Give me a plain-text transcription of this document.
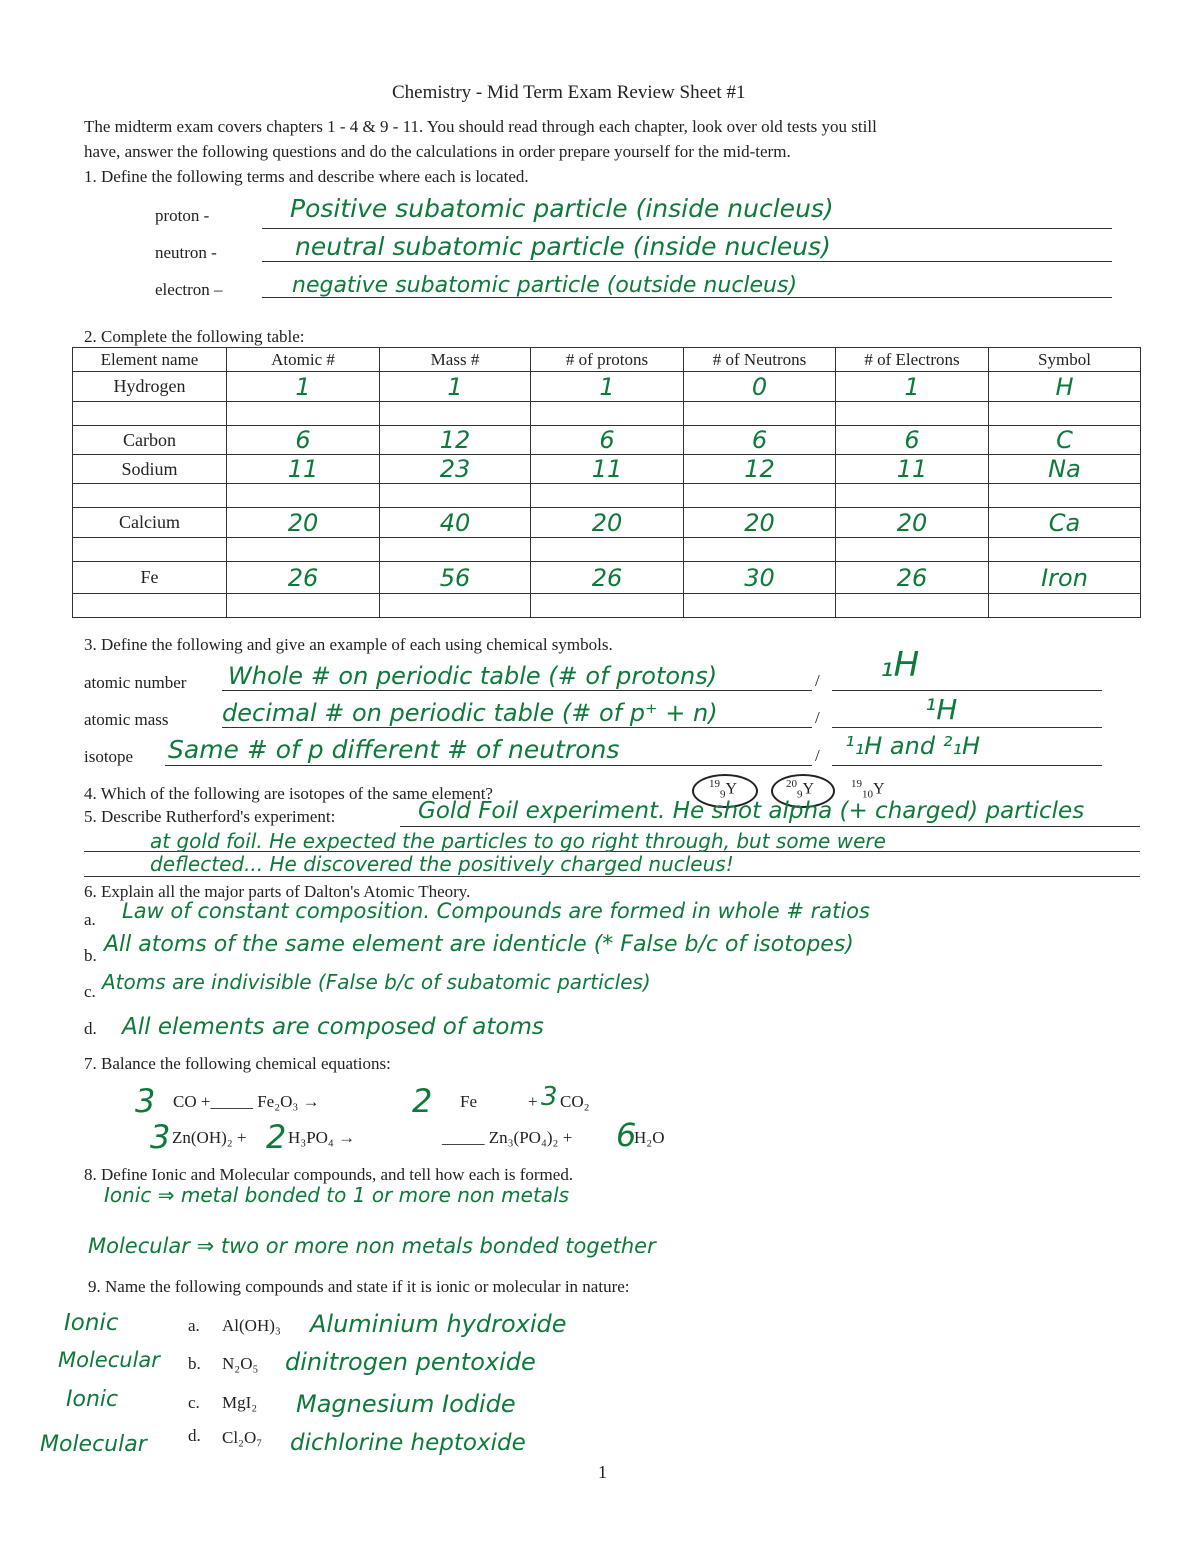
Chemistry - Mid Term Exam Review Sheet #1
The midterm exam covers chapters 1 - 4 & 9 - 11. You should read through each chapter, look over old tests you still
have, answer the following questions and do the calculations in order prepare yourself for the mid-term.
1. Define the following terms and describe where each is located.
proton -	Positive subatomic particle (inside nucleus)
neutron -	neutral subatomic particle (inside nucleus)
electron –	negative subatomic particle (outside nucleus)
2. Complete the following table:
Element name	Atomic #	Mass #	# of protons	# of Neutrons	# of Electrons	Symbol
Hydrogen	1	1	1	0	1	H

Carbon	6	12	6	6	6	C
Sodium	11	23	11	12	11	Na

Calcium	20	40	20	20	20	Ca

Fe	26	56	26	30	26	Iron

3. Define the following and give an example of each using chemical symbols.
atomic number Whole # on periodic table (# of protons)	/ ₁H
atomic mass decimal # on periodic table (# of p⁺ + n)	/	¹H
isotope Same # of p different # of neutrons	/ ¹₁H and ²₁H
4. Which of the following are isotopes of the same element?	$^{19}_9$Y	$^{20}_9$Y	$^{19}_{10}$Y
5. Describe Rutherford's experiment:	Gold Foil experiment. He shot alpha (+ charged) particles
at gold foil. He expected the particles to go right through, but some were
deflected... He discovered the positively charged nucleus!
6. Explain all the major parts of Dalton's Atomic Theory.
a. Law of constant composition. Compounds are formed in whole # ratios
b. All atoms of the same element are identicle (* False b/c of isotopes)
c. Atoms are indivisible (False b/c of subatomic particles)
d. All elements are composed of atoms
7. Balance the following chemical equations:
3 CO +_____ Fe₂O₃ →	2 Fe	+ 3 CO₂
3 Zn(OH)₂ + 2 H₃PO₄ →	_____ Zn₃(PO₄)₂ + 6
H₂O
8. Define Ionic and Molecular compounds, and tell how each is formed.
Ionic ⇒ metal bonded to 1 or more non metals
Molecular ⇒ two or more non metals bonded together
9. Name the following compounds and state if it is ionic or molecular in nature:
Ionic	a. Al(OH)₃ Aluminium hydroxide
Molecular b. N₂O₅ dinitrogen pentoxide
Ionic	c. MgI₂ Magnesium Iodide
Molecular d. Cl₂O₇ dichlorine heptoxide
1
